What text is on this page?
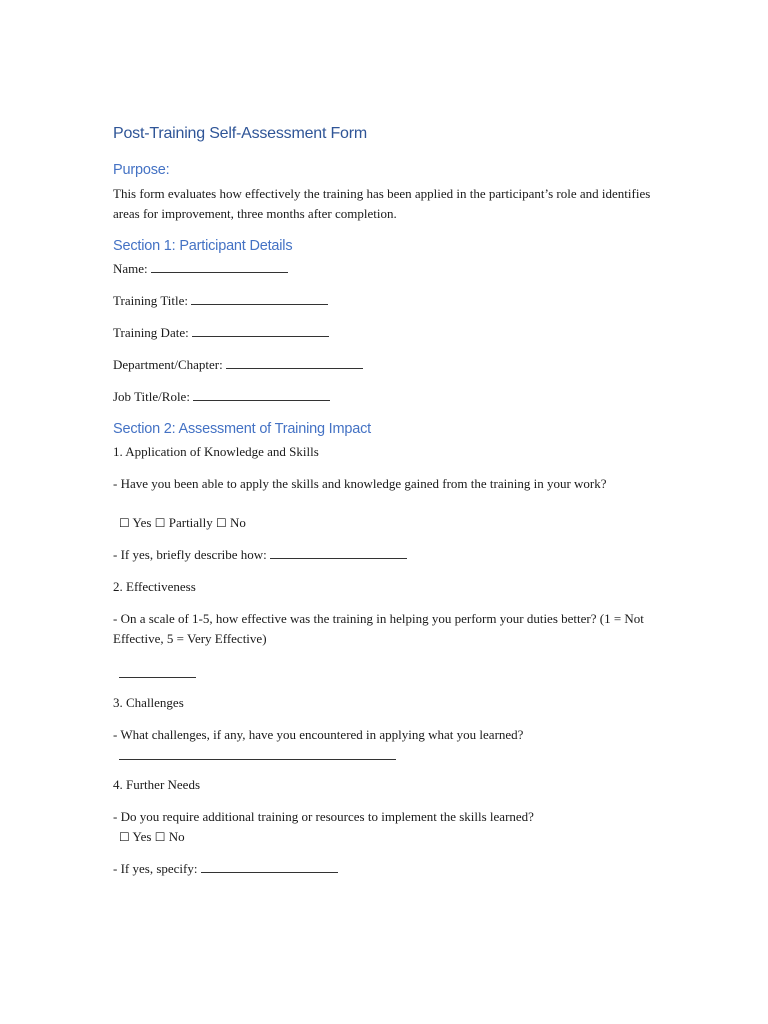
Post-Training Self-Assessment Form
Purpose:
This form evaluates how effectively the training has been applied in the participant’s role and identifies areas for improvement, three months after completion.
Section 1: Participant Details
Name:
Training Title:
Training Date:
Department/Chapter:
Job Title/Role:
Section 2: Assessment of Training Impact
1. Application of Knowledge and Skills
- Have you been able to apply the skills and knowledge gained from the training in your work?
☐ Yes ☐ Partially ☐ No
- If yes, briefly describe how:
2. Effectiveness
- On a scale of 1-5, how effective was the training in helping you perform your duties better? (1 = Not Effective, 5 = Very Effective)
3. Challenges
- What challenges, if any, have you encountered in applying what you learned?
4. Further Needs
- Do you require additional training or resources to implement the skills learned?
☐ Yes ☐ No
- If yes, specify:
